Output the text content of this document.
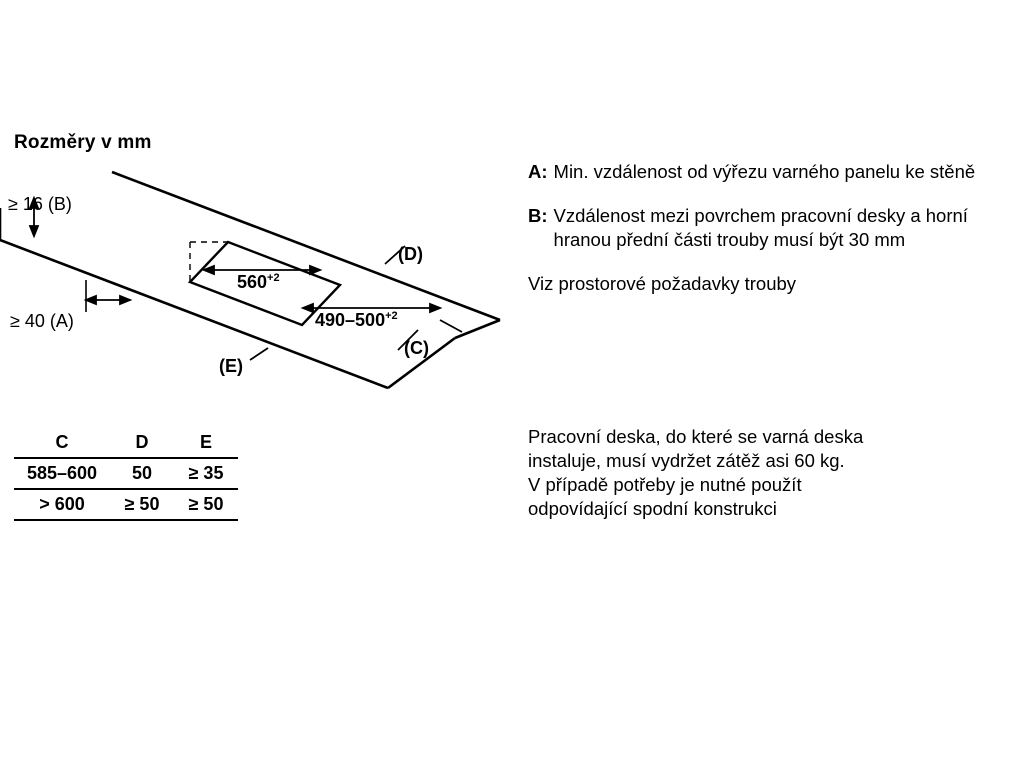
Rozměry v mm
≥ 16 (B)
≥ 40 (A)
$560^{+2}$
$490-500^{+2}$
(D)
(C)
(E)
C	D	E
585–600	50	≥ 35
> 600	≥ 50	≥ 50
A: Min. vzdálenost od výřezu varného panelu ke stěně
B: Vzdálenost mezi povrchem pracovní desky a horní hranou přední části trouby musí být 30 mm
Viz prostorové požadavky trouby

Pracovní deska, do které se varná deska

instaluje, musí vydržet zátěž asi 60 kg.

V případě potřeby je nutné použít

odpovídající spodní konstrukci
